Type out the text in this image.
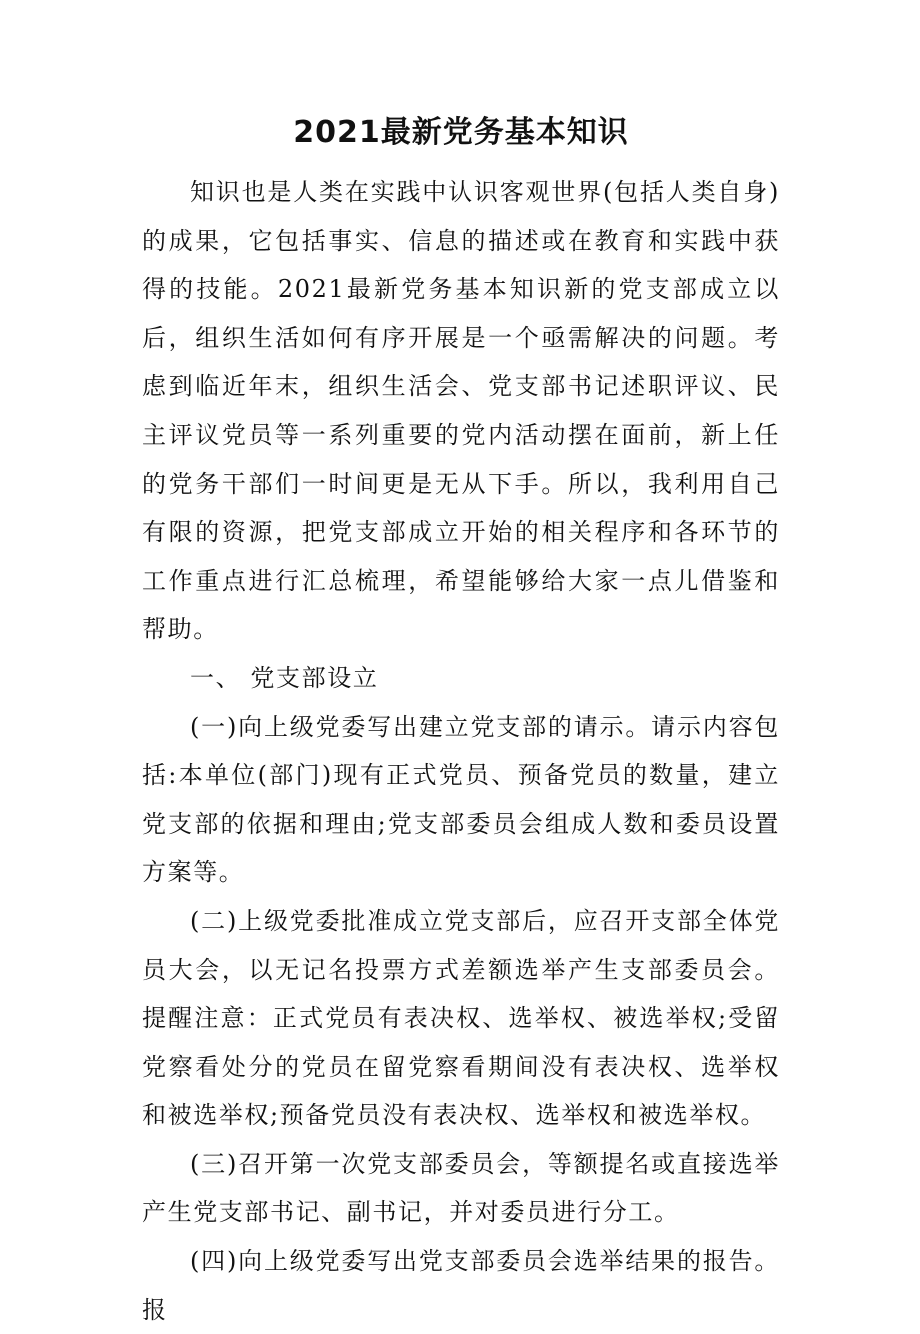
2021最新党务基本知识

知识也是人类在实践中认识客观世界(包括人类自身)的成果，它包括事实、信息的描述或在教育和实践中获得的技能。2021最新党务基本知识新的党支部成立以后，组织生活如何有序开展是一个亟需解决的问题。考虑到临近年末，组织生活会、党支部书记述职评议、民主评议党员等一系列重要的党内活动摆在面前，新上任的党务干部们一时间更是无从下手。所以，我利用自己有限的资源，把党支部成立开始的相关程序和各环节的工作重点进行汇总梳理，希望能够给大家一点儿借鉴和帮助。

一、 党支部设立

(一)向上级党委写出建立党支部的请示。请示内容包括:本单位(部门)现有正式党员、预备党员的数量，建立党支部的依据和理由;党支部委员会组成人数和委员设置方案等。

(二)上级党委批准成立党支部后，应召开支部全体党员大会，以无记名投票方式差额选举产生支部委员会。提醒注意：正式党员有表决权、选举权、被选举权;受留党察看处分的党员在留党察看期间没有表决权、选举权和被选举权;预备党员没有表决权、选举权和被选举权。

(三)召开第一次党支部委员会，等额提名或直接选举产生党支部书记、副书记，并对委员进行分工。

(四)向上级党委写出党支部委员会选举结果的报告。报
